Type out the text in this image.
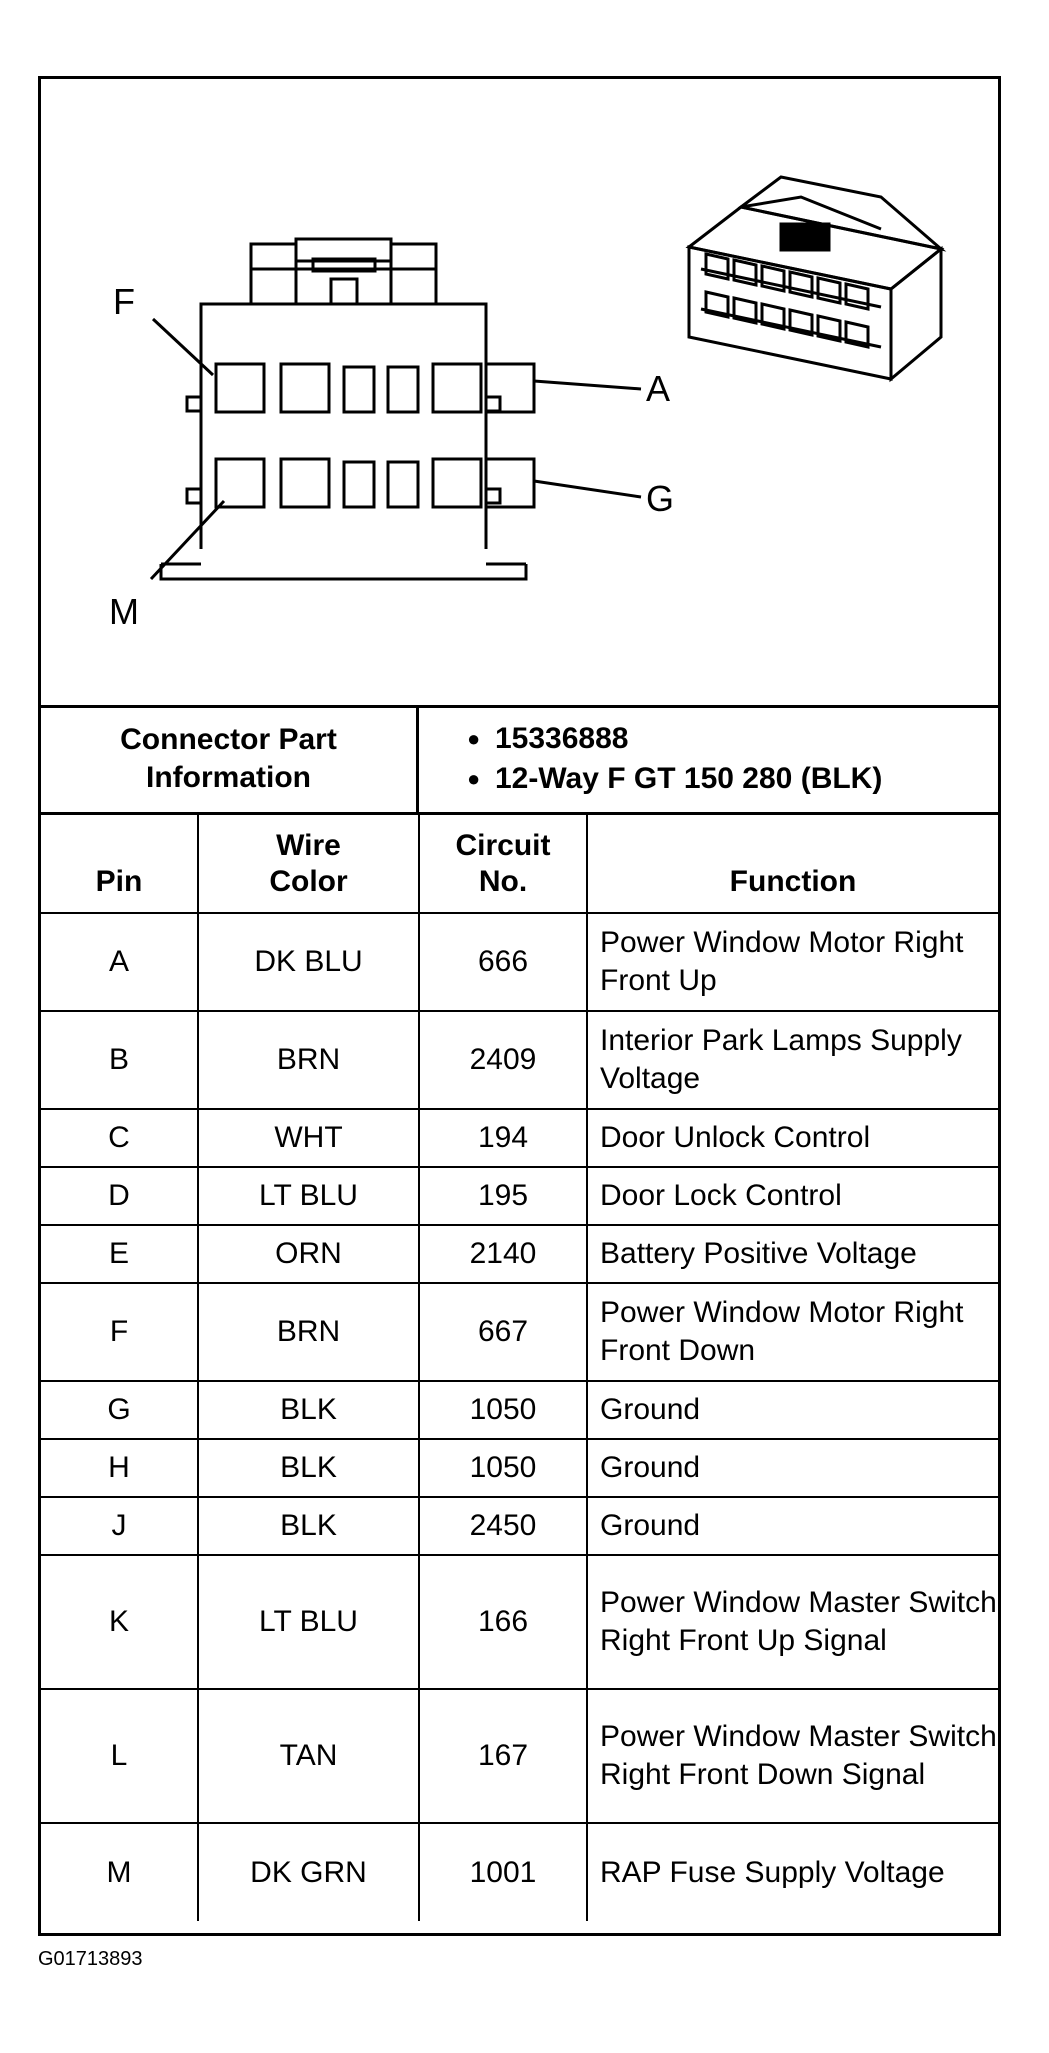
F
A
G
M
Connector Part Information
● 15336888
● 12-Way F GT 150 280 (BLK)
Pin	Wire Color	Circuit No.	Function
A	DK BLU	666	Power Window Motor Right Front Up
B	BRN	2409	Interior Park Lamps Supply Voltage
C	WHT	194	Door Unlock Control
D	LT BLU	195	Door Lock Control
E	ORN	2140	Battery Positive Voltage
F	BRN	667	Power Window Motor Right Front Down
G	BLK	1050	Ground
H	BLK	1050	Ground
J	BLK	2450	Ground
K	LT BLU	166	Power Window Master Switch Right Front Up Signal
L	TAN	167	Power Window Master Switch Right Front Down Signal
M	DK GRN	1001	RAP Fuse Supply Voltage
G01713893
